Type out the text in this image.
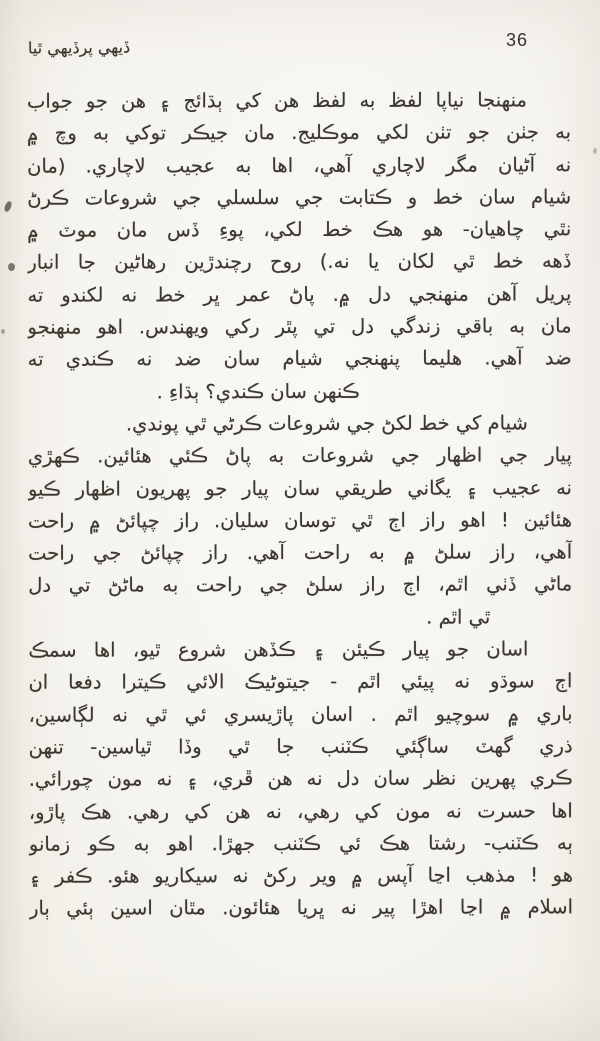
ڏيهي پرڏيهي ٿيا	36
منهنجا نياپا لفظ به لفظ هن کي ٻڌائج ۽ هن جو جواب
به جٺن جو تٺن لکي موڪليج. مان جيڪر توکي به وچ ۾
نه آڻيان مگر لاچاري آهي، اها به عجيب لاچاري. (مان
شيام سان خط و ڪتابت جي سلسلي جي شروعات ڪرڻ
نٿي چاهيان- هو هڪ خط لکي، پوءِ ڏس مان موٽ ۾
ڏهه خط ٿي لکان يا نه.) روح رچندڙين رهاڻين جا انبار
پريل آهن منهنجي دل ۾. پاڻ عمر ڀر خط نه لکندو ته
مان به باقي زندگي دل تي پٿر رکي ويهندس. اهو منهنجو
ضد آهي. هليما پنهنجي شيام سان ضد نه ڪندي ته
ڪنهن سان ڪندي؟ ٻڌاءِ .
شيام کي خط لکڻ جي شروعات ڪرڻي ٿي پوندي.
پيار جي اظهار جي شروعات به پاڻ ڪئي هئائين. ڪهڙي
نه عجيب ۽ يگاني طريقي سان پيار جو پهريون اظهار ڪيو
هئائين ! اهو راز اڄ ٿي توسان سليان. راز چپائڻ ۾ راحت
آهي، راز سلڻ ۾ به راحت آهي. راز چپائڻ جي راحت
ماڻي ڏٺي اٿم، اڄ راز سلڻ جي راحت به ماڻڻ تي دل
ٿي اٿم .
اسان جو پيار ڪيئن ۽ ڪڏهن شروع ٿيو، اها سمڪ
اڄ سوڌو نه پيئي اٿم - جيتوڻيڪ الائي ڪيترا دفعا ان
باري ۾ سوچيو اٿم . اسان پاڙيسري ئي ٿي نه لڳاسين،
ذري گهٽ ساڳئي ڪٽنب جا ٿي وڏا ٿياسين- تنهن
ڪري پهرين نظر سان دل نه هن ڦري، ۽ نه مون چورائي.
اها حسرت نه مون کي رهي، نه هن کي رهي. هڪ پاڙو،
ٻه ڪٽنب- رشتا هڪ ئي ڪٽنب جهڙا. اهو به ڪو زمانو
هو ! مذهب اڃا آپس ۾ وير رکڻ نه سيکاريو هئو. ڪفر ۽
اسلام ۾ اڃا اهڙا پير نه ڀريا هئائون. مٿان اسين ٻئي ٻار
